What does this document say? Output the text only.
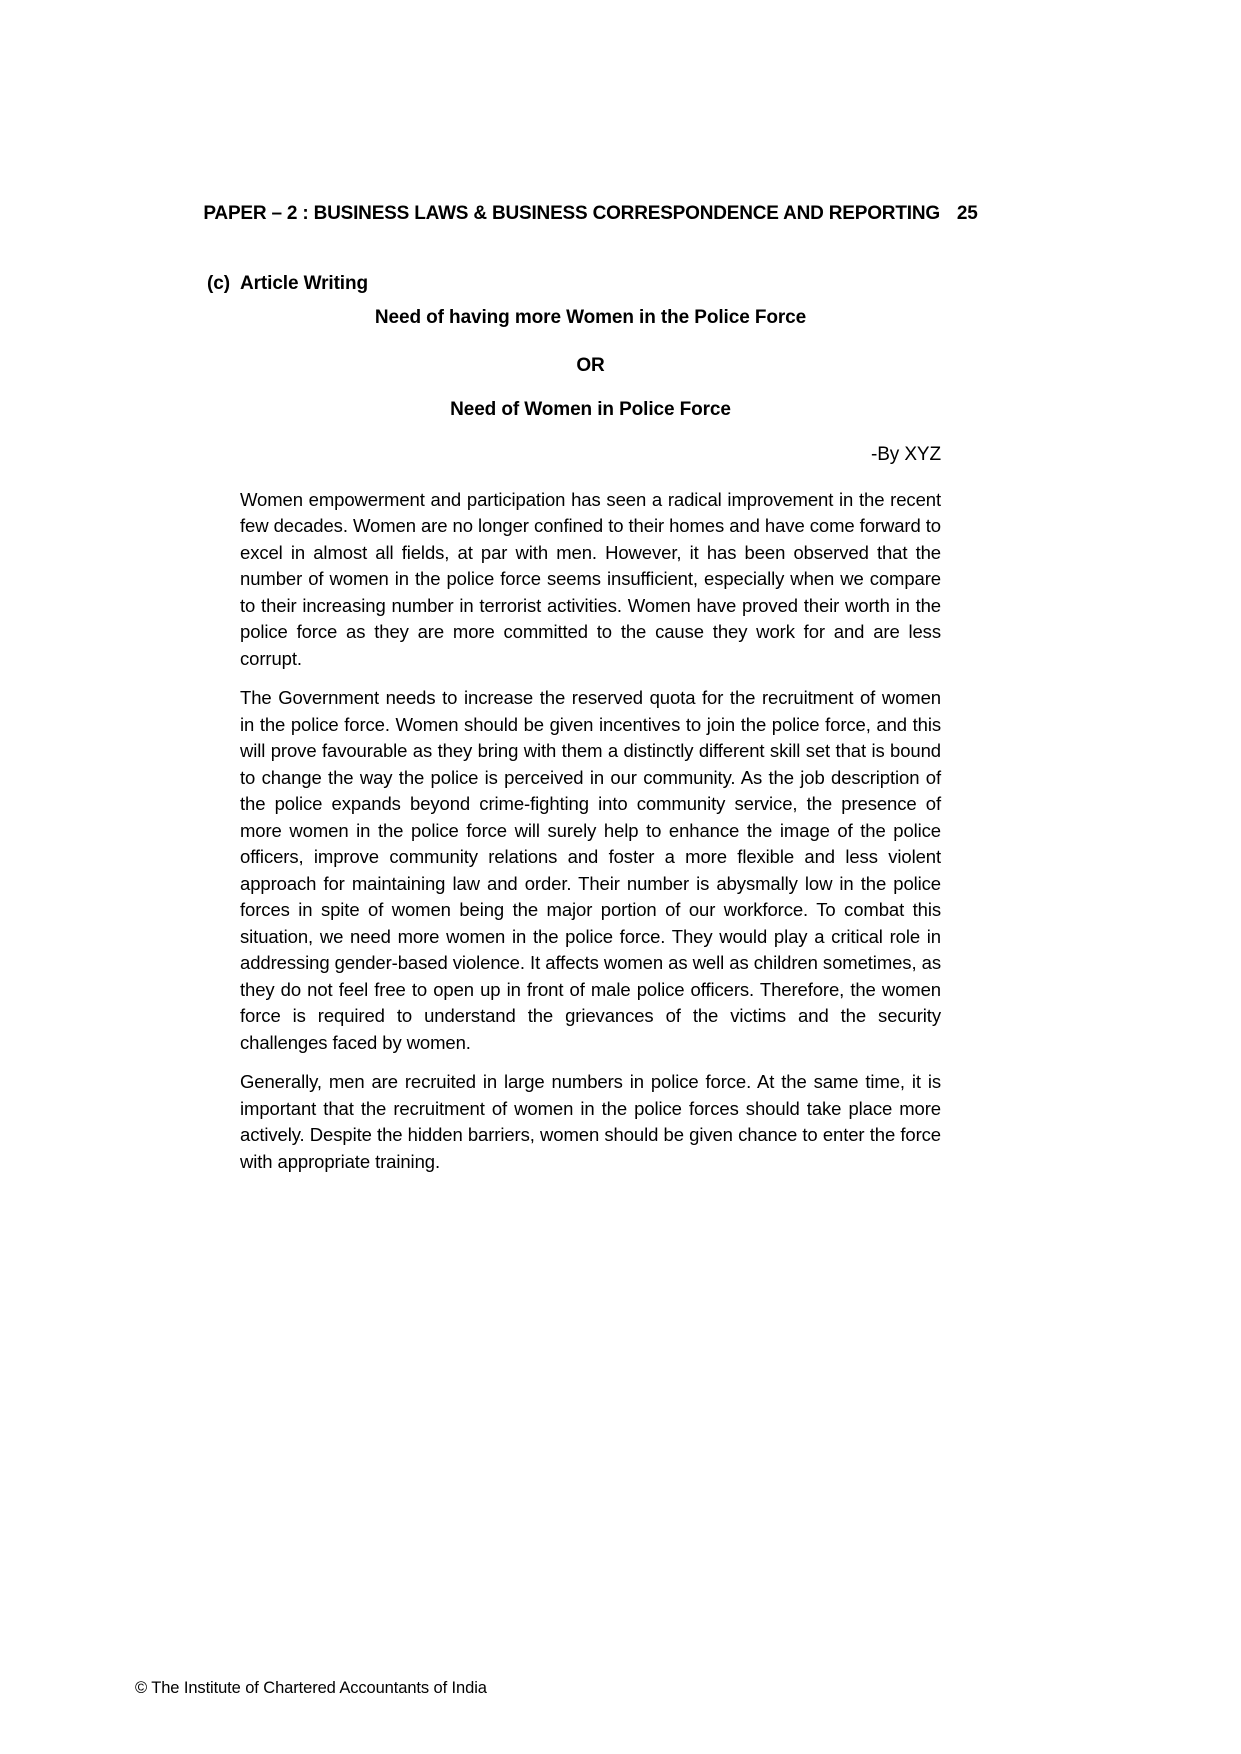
PAPER – 2 : BUSINESS LAWS & BUSINESS CORRESPONDENCE AND REPORTING 25
(c) Article Writing
Need of having more Women in the Police Force
OR
Need of Women in Police Force
-By XYZ

Women empowerment and participation has seen a radical improvement in the recent few decades. Women are no longer confined to their homes and have come forward to excel in almost all fields, at par with men. However, it has been observed that the number of women in the police force seems insufficient, especially when we compare to their increasing number in terrorist activities. Women have proved their worth in the police force as they are more committed to the cause they work for and are less corrupt.

The Government needs to increase the reserved quota for the recruitment of women in the police force. Women should be given incentives to join the police force, and this will prove favourable as they bring with them a distinctly different skill set that is bound to change the way the police is perceived in our community. As the job description of the police expands beyond crime-fighting into community service, the presence of more women in the police force will surely help to enhance the image of the police officers, improve community relations and foster a more flexible and less violent approach for maintaining law and order. Their number is abysmally low in the police forces in spite of women being the major portion of our workforce. To combat this situation, we need more women in the police force. They would play a critical role in addressing gender-based violence. It affects women as well as children sometimes, as they do not feel free to open up in front of male police officers. Therefore, the women force is required to understand the grievances of the victims and the security challenges faced by women.

Generally, men are recruited in large numbers in police force. At the same time, it is important that the recruitment of women in the police forces should take place more actively. Despite the hidden barriers, women should be given chance to enter the force with appropriate training.

© The Institute of Chartered Accountants of India
